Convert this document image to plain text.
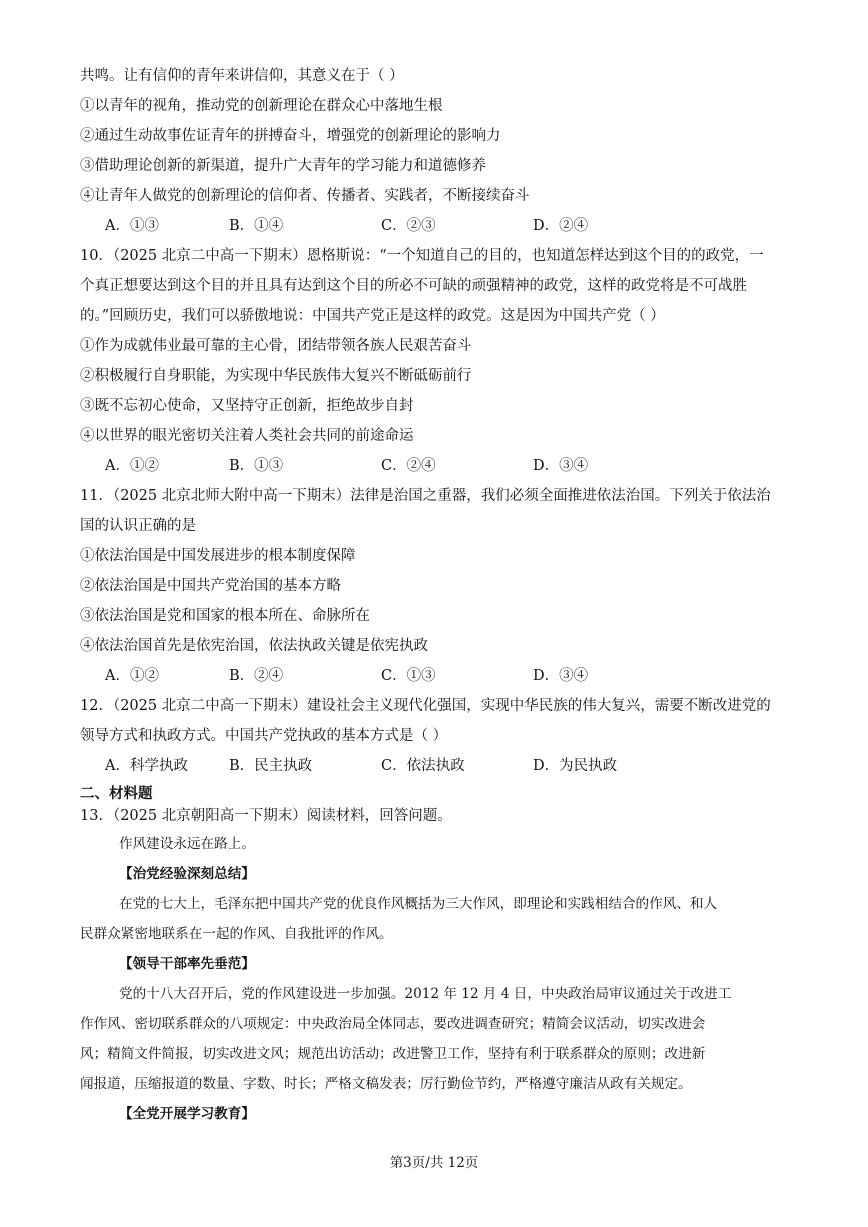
共鸣。让有信仰的青年来讲信仰，其意义在于（ ）
①以青年的视角，推动党的创新理论在群众心中落地生根
②通过生动故事佐证青年的拼搏奋斗，增强党的创新理论的影响力
③借助理论创新的新渠道，提升广大青年的学习能力和道德修养
④让青年人做党的创新理论的信仰者、传播者、实践者，不断接续奋斗
A．①③	B．①④	C．②③	D．②④
10．（2025 北京二中高一下期末）恩格斯说：“一个知道自己的目的，也知道怎样达到这个目的的政党，一
个真正想要达到这个目的并且具有达到这个目的所必不可缺的顽强精神的政党，这样的政党将是不可战胜
的。”回顾历史，我们可以骄傲地说：中国共产党正是这样的政党。这是因为中国共产党（ ）
①作为成就伟业最可靠的主心骨，团结带领各族人民艰苦奋斗
②积极履行自身职能，为实现中华民族伟大复兴不断砥砺前行
③既不忘初心使命，又坚持守正创新，拒绝故步自封
④以世界的眼光密切关注着人类社会共同的前途命运
A．①②	B．①③	C．②④	D．③④
11．（2025 北京北师大附中高一下期末）法律是治国之重器，我们必须全面推进依法治国。下列关于依法治
国的认识正确的是
①依法治国是中国发展进步的根本制度保障
②依法治国是中国共产党治国的基本方略
③依法治国是党和国家的根本所在、命脉所在
④依法治国首先是依宪治国，依法执政关键是依宪执政
A．①②	B．②④	C．①③	D．③④
12．（2025 北京二中高一下期末）建设社会主义现代化强国，实现中华民族的伟大复兴，需要不断改进党的
领导方式和执政方式。中国共产党执政的基本方式是（ ）
A．科学执政	B．民主执政	C．依法执政	D．为民执政
二、材料题
13．（2025 北京朝阳高一下期末）阅读材料，回答问题。
作风建设永远在路上。
【治党经验深刻总结】
在党的七大上，毛泽东把中国共产党的优良作风概括为三大作风，即理论和实践相结合的作风、和人
民群众紧密地联系在一起的作风、自我批评的作风。
【领导干部率先垂范】
党的十八大召开后，党的作风建设进一步加强。2012 年 12 月 4 日，中央政治局审议通过关于改进工
作作风、密切联系群众的八项规定：中央政治局全体同志，要改进调查研究；精简会议活动，切实改进会
风；精简文件简报，切实改进文风；规范出访活动；改进警卫工作，坚持有利于联系群众的原则；改进新
闻报道，压缩报道的数量、字数、时长；严格文稿发表；厉行勤俭节约，严格遵守廉洁从政有关规定。
【全党开展学习教育】
第3页/共 12页
